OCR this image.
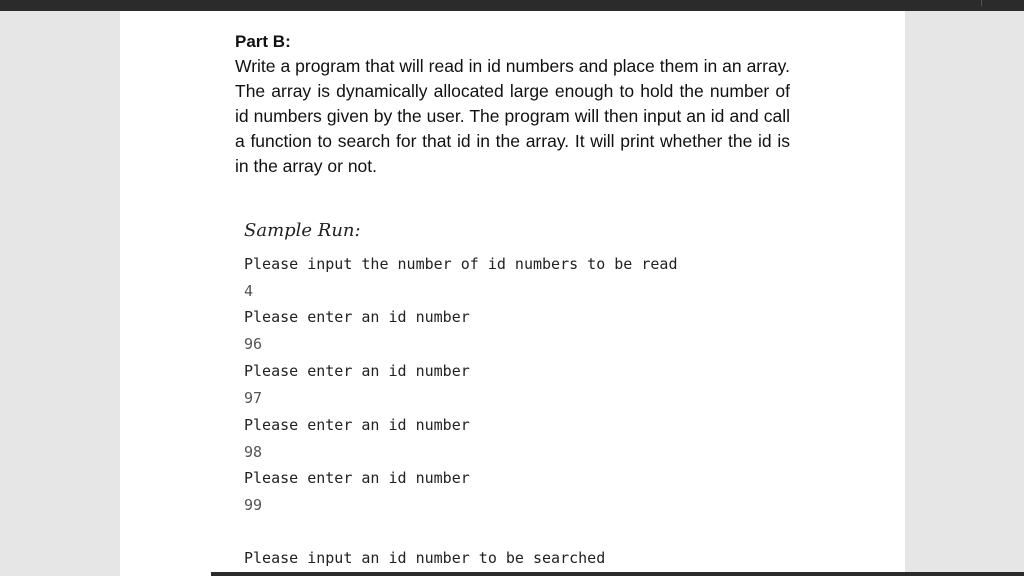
Part B:

Write a program that will read in id numbers and place them in an array. The array is dynamically allocated large enough to hold the number of id numbers given by the user. The program will then input an id and call a function to search for that id in the array. It will print whether the id is in the array or not.

Sample Run:
Please input the number of id numbers to be read
4
Please enter an id number
96
Please enter an id number
97
Please enter an id number
98
Please enter an id number
99
Please input an id number to be searched
